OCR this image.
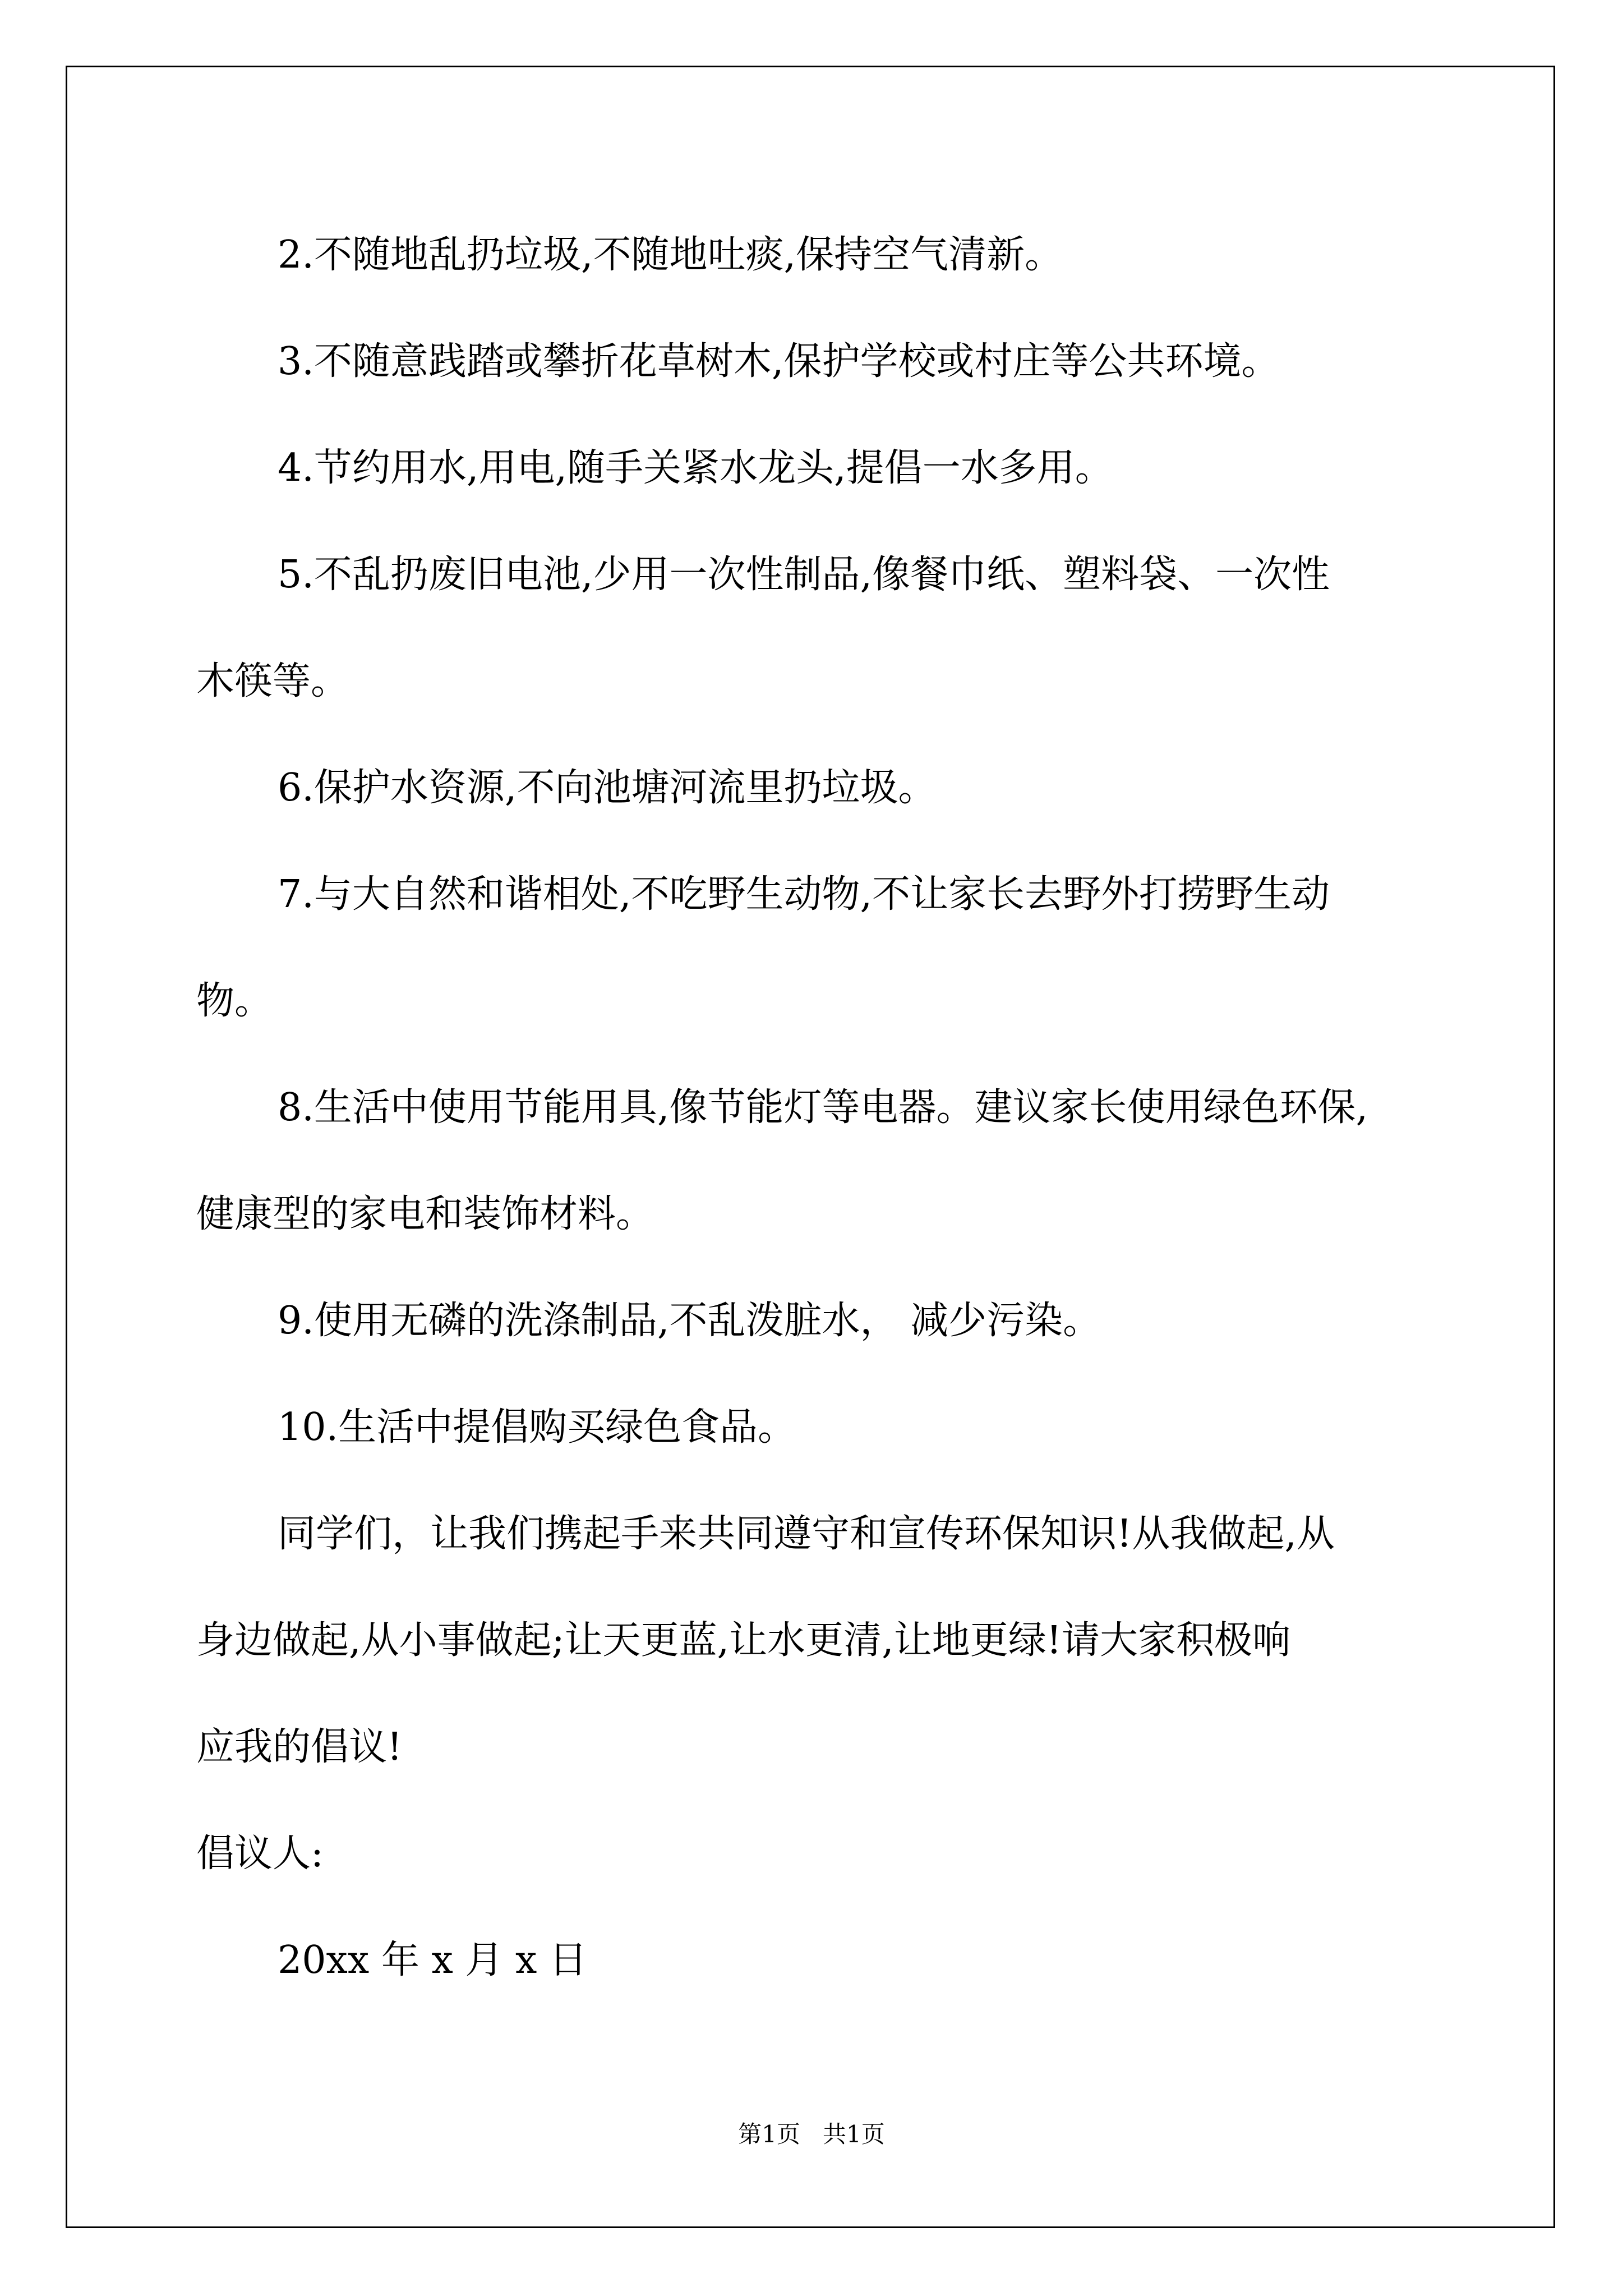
2.不随地乱扔垃圾,不随地吐痰,保持空气清新。

3.不随意践踏或攀折花草树木,保护学校或村庄等公共环境。

4.节约用水,用电,随手关紧水龙头,提倡一水多用。

5.不乱扔废旧电池,少用一次性制品,像餐巾纸、塑料袋、一次性

木筷等。

6.保护水资源,不向池塘河流里扔垃圾。

7.与大自然和谐相处,不吃野生动物,不让家长去野外打捞野生动

物。

8.生活中使用节能用具,像节能灯等电器。建议家长使用绿色环保,

健康型的家电和装饰材料。

9.使用无磷的洗涤制品,不乱泼脏水， 减少污染。

10.生活中提倡购买绿色食品。

同学们，让我们携起手来共同遵守和宣传环保知识!从我做起,从

身边做起,从小事做起;让天更蓝,让水更清,让地更绿!请大家积极响

应我的倡议!

倡议人:

20xx 年 x 月 x 日

第1页   共1页
